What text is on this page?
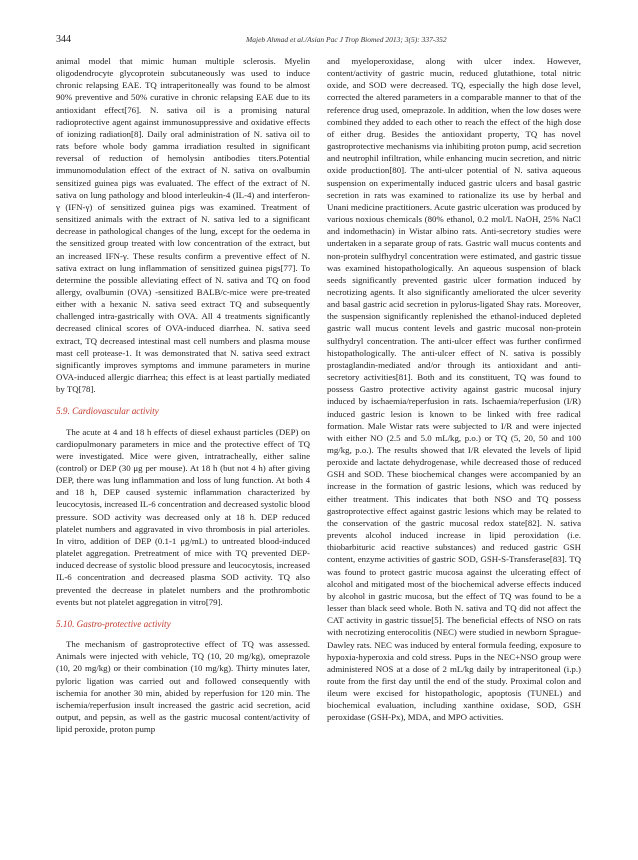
344	Majeb Ahmad et al./Asian Pac J Trop Biomed 2013; 3(5): 337-352

animal model that mimic human multiple sclerosis. Myelin oligodendrocyte glycoprotein subcutaneously was used to induce chronic relapsing EAE. TQ intraperitoneally was found to be almost 90% preventive and 50% curative in chronic relapsing EAE due to its antioxidant effect[76]. N. sativa oil is a promising natural radioprotective agent against immunosuppressive and oxidative effects of ionizing radiation[8]. Daily oral administration of N. sativa oil to rats before whole body gamma irradiation resulted in significant reversal of reduction of hemolysin antibodies titers.Potential immunomodulation effect of the extract of N. sativa on ovalbumin sensitized guinea pigs was evaluated. The effect of the extract of N. sativa on lung pathology and blood interleukin-4 (IL-4) and interferon-γ (IFN-γ) of sensitized guinea pigs was examined. Treatment of sensitized animals with the extract of N. sativa led to a significant decrease in pathological changes of the lung, except for the oedema in the sensitized group treated with low concentration of the extract, but an increased IFN-γ. These results confirm a preventive effect of N. sativa extract on lung inflammation of sensitized guinea pigs[77]. To determine the possible alleviating effect of N. sativa and TQ on food allergy, ovalbumin (OVA) -sensitized BALB/c-mice were pre-treated either with a hexanic N. sativa seed extract TQ and subsequently challenged intra-gastrically with OVA. All 4 treatments significantly decreased clinical scores of OVA-induced diarrhea. N. sativa seed extract, TQ decreased intestinal mast cell numbers and plasma mouse mast cell protease-1. It was demonstrated that N. sativa seed extract significantly improves symptoms and immune parameters in murine OVA-induced allergic diarrhea; this effect is at least partially mediated by TQ[78].

5.9. Cardiovascular activity

The acute at 4 and 18 h effects of diesel exhaust particles (DEP) on cardiopulmonary parameters in mice and the protective effect of TQ were investigated. Mice were given, intratracheally, either saline (control) or DEP (30 μg per mouse). At 18 h (but not 4 h) after giving DEP, there was lung inflammation and loss of lung function. At both 4 and 18 h, DEP caused systemic inflammation characterized by leucocytosis, increased IL-6 concentration and decreased systolic blood pressure. SOD activity was decreased only at 18 h. DEP reduced platelet numbers and aggravated in vivo thrombosis in pial arterioles. In vitro, addition of DEP (0.1-1 μg/mL) to untreated blood-induced platelet aggregation. Pretreatment of mice with TQ prevented DEP-induced decrease of systolic blood pressure and leucocytosis, increased IL-6 concentration and decreased plasma SOD activity. TQ also prevented the decrease in platelet numbers and the prothrombotic events but not platelet aggregation in vitro[79].

5.10. Gastro-protective activity

The mechanism of gastroprotective effect of TQ was assessed. Animals were injected with vehicle, TQ (10, 20 mg/kg), omeprazole (10, 20 mg/kg) or their combination (10 mg/kg). Thirty minutes later, pyloric ligation was carried out and followed consequently with ischemia for another 30 min, abided by reperfusion for 120 min. The ischemia/reperfusion insult increased the gastric acid secretion, acid output, and pepsin, as well as the gastric mucosal content/activity of lipid peroxide, proton pump

and myeloperoxidase, along with ulcer index. However, content/activity of gastric mucin, reduced glutathione, total nitric oxide, and SOD were decreased. TQ, especially the high dose level, corrected the altered parameters in a comparable manner to that of the reference drug used, omeprazole. In addition, when the low doses were combined they added to each other to reach the effect of the high dose of either drug. Besides the antioxidant property, TQ has novel gastroprotective mechanisms via inhibiting proton pump, acid secretion and neutrophil infiltration, while enhancing mucin secretion, and nitric oxide production[80]. The anti-ulcer potential of N. sativa aqueous suspension on experimentally induced gastric ulcers and basal gastric secretion in rats was examined to rationalize its use by herbal and Unani medicine practitioners. Acute gastric ulceration was produced by various noxious chemicals (80% ethanol, 0.2 mol/L NaOH, 25% NaCl and indomethacin) in Wistar albino rats. Anti-secretory studies were undertaken in a separate group of rats. Gastric wall mucus contents and non-protein sulfhydryl concentration were estimated, and gastric tissue was examined histopathologically. An aqueous suspension of black seeds significantly prevented gastric ulcer formation induced by necrotizing agents. It also significantly ameliorated the ulcer severity and basal gastric acid secretion in pylorus-ligated Shay rats. Moreover, the suspension significantly replenished the ethanol-induced depleted gastric wall mucus content levels and gastric mucosal non-protein sulfhydryl concentration. The anti-ulcer effect was further confirmed histopathologically. The anti-ulcer effect of N. sativa is possibly prostaglandin-mediated and/or through its antioxidant and anti-secretory activities[81]. Both and its constituent, TQ was found to possess Gastro protective activity against gastric mucosal injury induced by ischaemia/reperfusion in rats. Ischaemia/reperfusion (I/R) induced gastric lesion is known to be linked with free radical formation. Male Wistar rats were subjected to I/R and were injected with either NO (2.5 and 5.0 mL/kg, p.o.) or TQ (5, 20, 50 and 100 mg/kg, p.o.). The results showed that I/R elevated the levels of lipid peroxide and lactate dehydrogenase, while decreased those of reduced GSH and SOD. These biochemical changes were accompanied by an increase in the formation of gastric lesions, which was reduced by either treatment. This indicates that both NSO and TQ possess gastroprotective effect against gastric lesions which may be related to the conservation of the gastric mucosal redox state[82]. N. sativa prevents alcohol induced increase in lipid peroxidation (i.e. thiobarbituric acid reactive substances) and reduced gastric GSH content, enzyme activities of gastric SOD, GSH-S-Transferase[83]. TQ was found to protect gastric mucosa against the ulcerating effect of alcohol and mitigated most of the biochemical adverse effects induced by alcohol in gastric mucosa, but the effect of TQ was found to be a lesser than black seed whole. Both N. sativa and TQ did not affect the CAT activity in gastric tissue[5]. The beneficial effects of NSO on rats with necrotizing enterocolitis (NEC) were studied in newborn Sprague-Dawley rats. NEC was induced by enteral formula feeding, exposure to hypoxia-hyperoxia and cold stress. Pups in the NEC+NSO group were administered NOS at a dose of 2 mL/kg daily by intraperitoneal (i.p.) route from the first day until the end of the study. Proximal colon and ileum were excised for histopathologic, apoptosis (TUNEL) and biochemical evaluation, including xanthine oxidase, SOD, GSH peroxidase (GSH-Px), MDA, and MPO activities.
